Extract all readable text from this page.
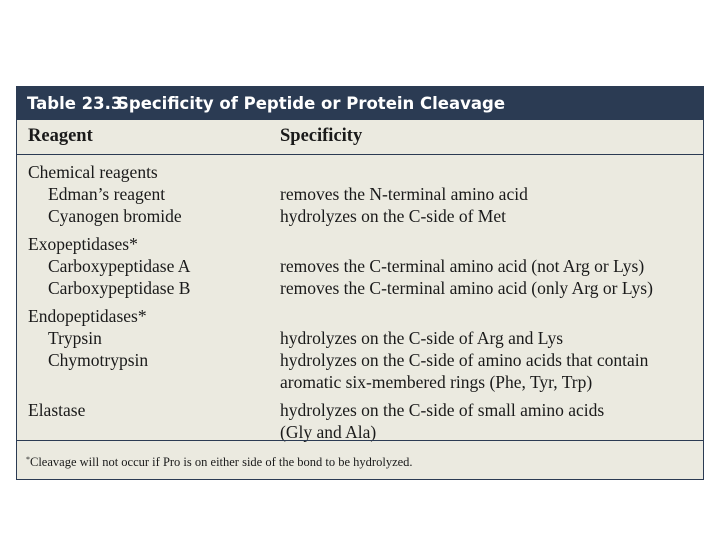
Table 23.3Specificity of Peptide or Protein Cleavage
Reagent	Specificity
Chemical reagents
Edman’s reagent	removes the N-terminal amino acid
Cyanogen bromide	hydrolyzes on the C-side of Met
Exopeptidases*
Carboxypeptidase A	removes the C-terminal amino acid (not Arg or Lys)
Carboxypeptidase B	removes the C-terminal amino acid (only Arg or Lys)
Endopeptidases*
Trypsin	hydrolyzes on the C-side of Arg and Lys
Chymotrypsin	hydrolyzes on the C-side of amino acids that contain
aromatic six-membered rings (Phe, Tyr, Trp)
Elastase	hydrolyzes on the C-side of small amino acids
(Gly and Ala)
*Cleavage will not occur if Pro is on either side of the bond to be hydrolyzed.
